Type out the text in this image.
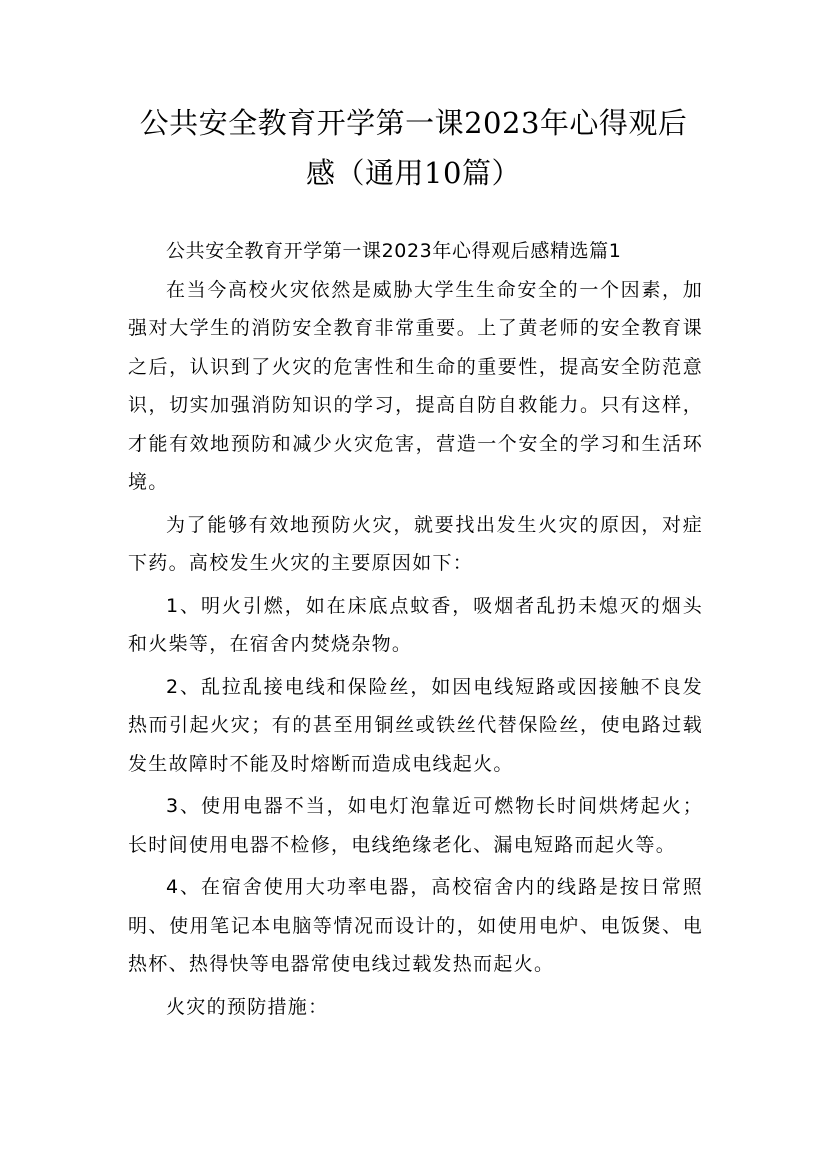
公共安全教育开学第一课2023年心得观后
感（通用10篇）

公共安全教育开学第一课2023年心得观后感精选篇1

在当今高校火灾依然是威胁大学生生命安全的一个因素，加强对大学生的消防安全教育非常重要。上了黄老师的安全教育课之后，认识到了火灾的危害性和生命的重要性，提高安全防范意识，切实加强消防知识的学习，提高自防自救能力。只有这样，才能有效地预防和减少火灾危害，营造一个安全的学习和生活环境。

为了能够有效地预防火灾，就要找出发生火灾的原因，对症下药。高校发生火灾的主要原因如下：

1、明火引燃，如在床底点蚊香，吸烟者乱扔未熄灭的烟头和火柴等，在宿舍内焚烧杂物。

2、乱拉乱接电线和保险丝，如因电线短路或因接触不良发热而引起火灾；有的甚至用铜丝或铁丝代替保险丝，使电路过载发生故障时不能及时熔断而造成电线起火。

3、使用电器不当，如电灯泡靠近可燃物长时间烘烤起火；长时间使用电器不检修，电线绝缘老化、漏电短路而起火等。

4、在宿舍使用大功率电器，高校宿舍内的线路是按日常照明、使用笔记本电脑等情况而设计的，如使用电炉、电饭煲、电热杯、热得快等电器常使电线过载发热而起火。

火灾的预防措施：
